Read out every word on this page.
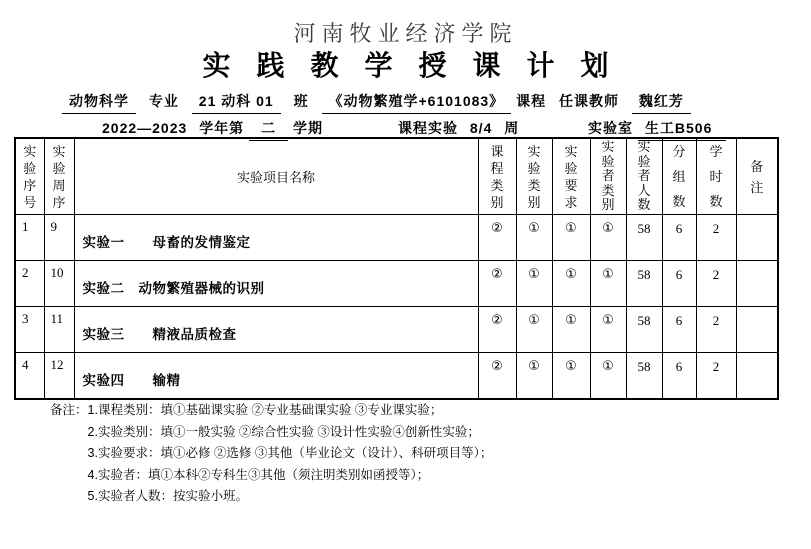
河南牧业经济学院
实践教学授课计划
动物科学 专业 21 动科 01 班 《动物繁殖学+6101083》 课程 任课教师 魏红芳
2022—2023 学年第 二 学期	课程实验 8/4 周	实验室 生工B506
实验序号	实验周序	实验项目名称	课程类别	实验类别	实验要求	实验者类别	实验者人数	分组数	学时数	备注

1	9	实验一　　母畜的发情鉴定	②	①	①	①	58	6	2	
2	10	实验二　动物繁殖器械的识别	②	①	①	①	58	6	2	
3	11	实验三　　精液品质检查	②	①	①	①	58	6	2	
4	12	实验四　　输精	②	①	①	①	58	6	2	
备注： 1.课程类别：填①基础课实验 ②专业基础课实验 ③专业课实验；
2.实验类别：填①一般实验 ②综合性实验 ③设计性实验④创新性实验；
3.实验要求：填①必修 ②选修 ③其他（毕业论文（设计）、科研项目等）；
4.实验者：填①本科②专科生③其他（须注明类别如函授等）；
5.实验者人数：按实验小班。
